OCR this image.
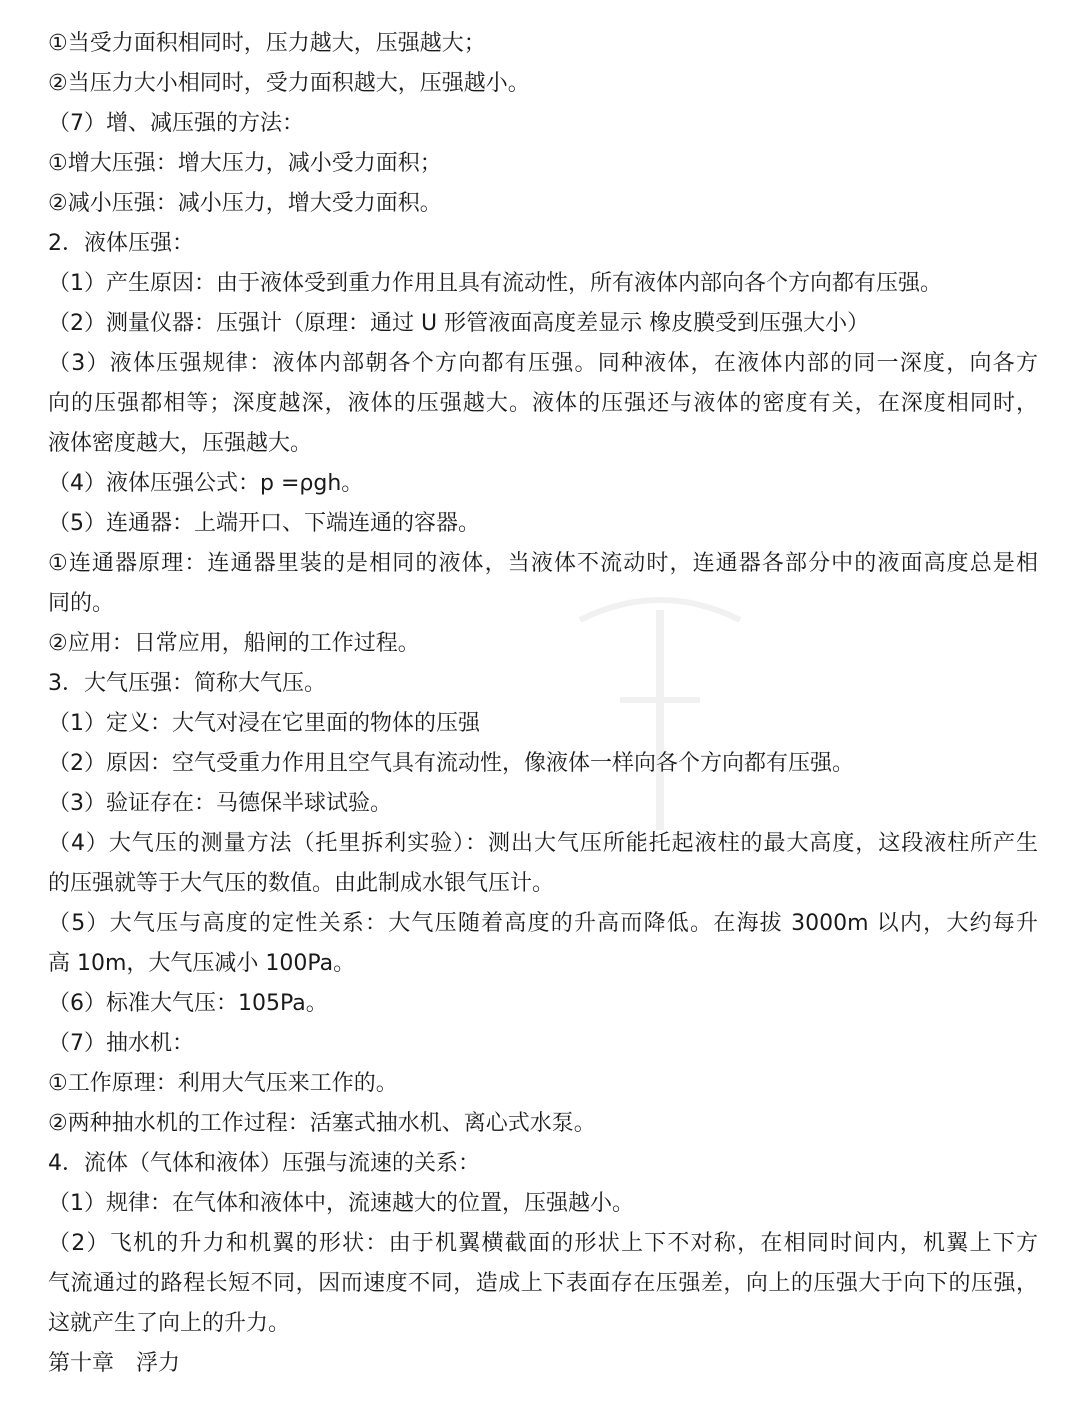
①当受力面积相同时，压力越大，压强越大；
②当压力大小相同时，受力面积越大，压强越小。
（7）增、减压强的方法：
①增大压强：增大压力，减小受力面积；
②减小压强：减小压力，增大受力面积。
2．液体压强：
（1）产生原因：由于液体受到重力作用且具有流动性，所有液体内部向各个方向都有压强。
（2）测量仪器：压强计（原理：通过 U 形管液面高度差显示 橡皮膜受到压强大小）
（3）液体压强规律：液体内部朝各个方向都有压强。同种液体，在液体内部的同一深度，向各方
向的压强都相等；深度越深，液体的压强越大。液体的压强还与液体的密度有关，在深度相同时，
液体密度越大，压强越大。
（4）液体压强公式：p =ρgh。
（5）连通器：上端开口、下端连通的容器。
①连通器原理：连通器里装的是相同的液体，当液体不流动时，连通器各部分中的液面高度总是相
同的。
②应用：日常应用，船闸的工作过程。
3．大气压强：简称大气压。
（1）定义：大气对浸在它里面的物体的压强
（2）原因：空气受重力作用且空气具有流动性，像液体一样向各个方向都有压强。
（3）验证存在：马德保半球试验。
（4）大气压的测量方法（托里拆利实验）：测出大气压所能托起液柱的最大高度，这段液柱所产生
的压强就等于大气压的数值。由此制成水银气压计。
（5）大气压与高度的定性关系：大气压随着高度的升高而降低。在海拔 3000m 以内，大约每升
高 10m，大气压减小 100Pa。
（6）标准大气压：105Pa。
（7）抽水机：
①工作原理：利用大气压来工作的。
②两种抽水机的工作过程：活塞式抽水机、离心式水泵。
4．流体（气体和液体）压强与流速的关系：
（1）规律：在气体和液体中，流速越大的位置，压强越小。
（2）飞机的升力和机翼的形状：由于机翼横截面的形状上下不对称，在相同时间内，机翼上下方
气流通过的路程长短不同，因而速度不同，造成上下表面存在压强差，向上的压强大于向下的压强，
这就产生了向上的升力。
第十章　浮力
